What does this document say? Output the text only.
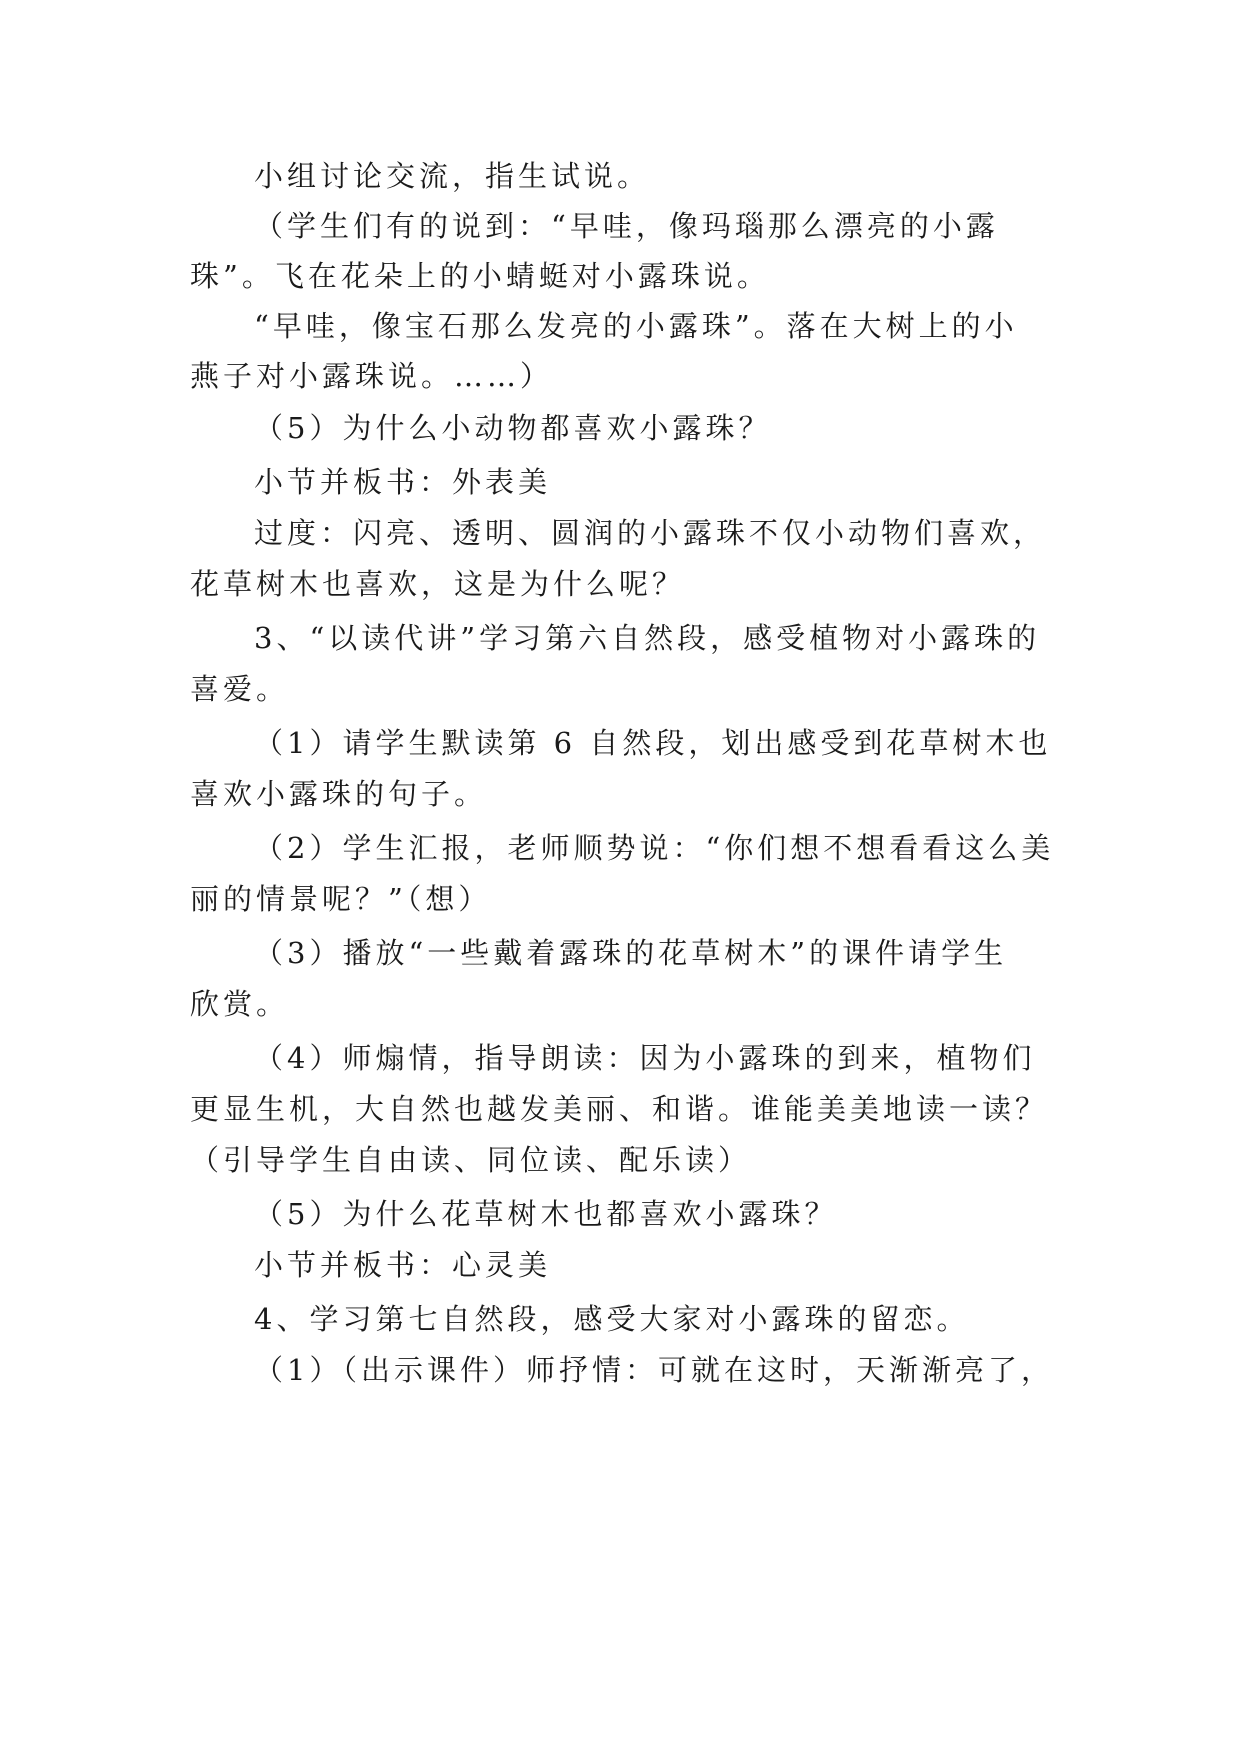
小组讨论交流，指生试说。
（学生们有的说到：“早哇，像玛瑙那么漂亮的小露
珠”。飞在花朵上的小蜻蜓对小露珠说。
“早哇，像宝石那么发亮的小露珠”。落在大树上的小
燕子对小露珠说。……）
（5）为什么小动物都喜欢小露珠？
小节并板书：外表美
过度：闪亮、透明、圆润的小露珠不仅小动物们喜欢，
花草树木也喜欢，这是为什么呢？
3、“以读代讲”学习第六自然段，感受植物对小露珠的
喜爱。
（1）请学生默读第 6 自然段，划出感受到花草树木也
喜欢小露珠的句子。
（2）学生汇报，老师顺势说：“你们想不想看看这么美
丽的情景呢？”（想）
（3）播放“一些戴着露珠的花草树木”的课件请学生
欣赏。
（4）师煽情，指导朗读：因为小露珠的到来，植物们
更显生机，大自然也越发美丽、和谐。谁能美美地读一读？
（引导学生自由读、同位读、配乐读）
（5）为什么花草树木也都喜欢小露珠？
小节并板书：心灵美
4、学习第七自然段，感受大家对小露珠的留恋。
（1）（出示课件）师抒情：可就在这时，天渐渐亮了，
